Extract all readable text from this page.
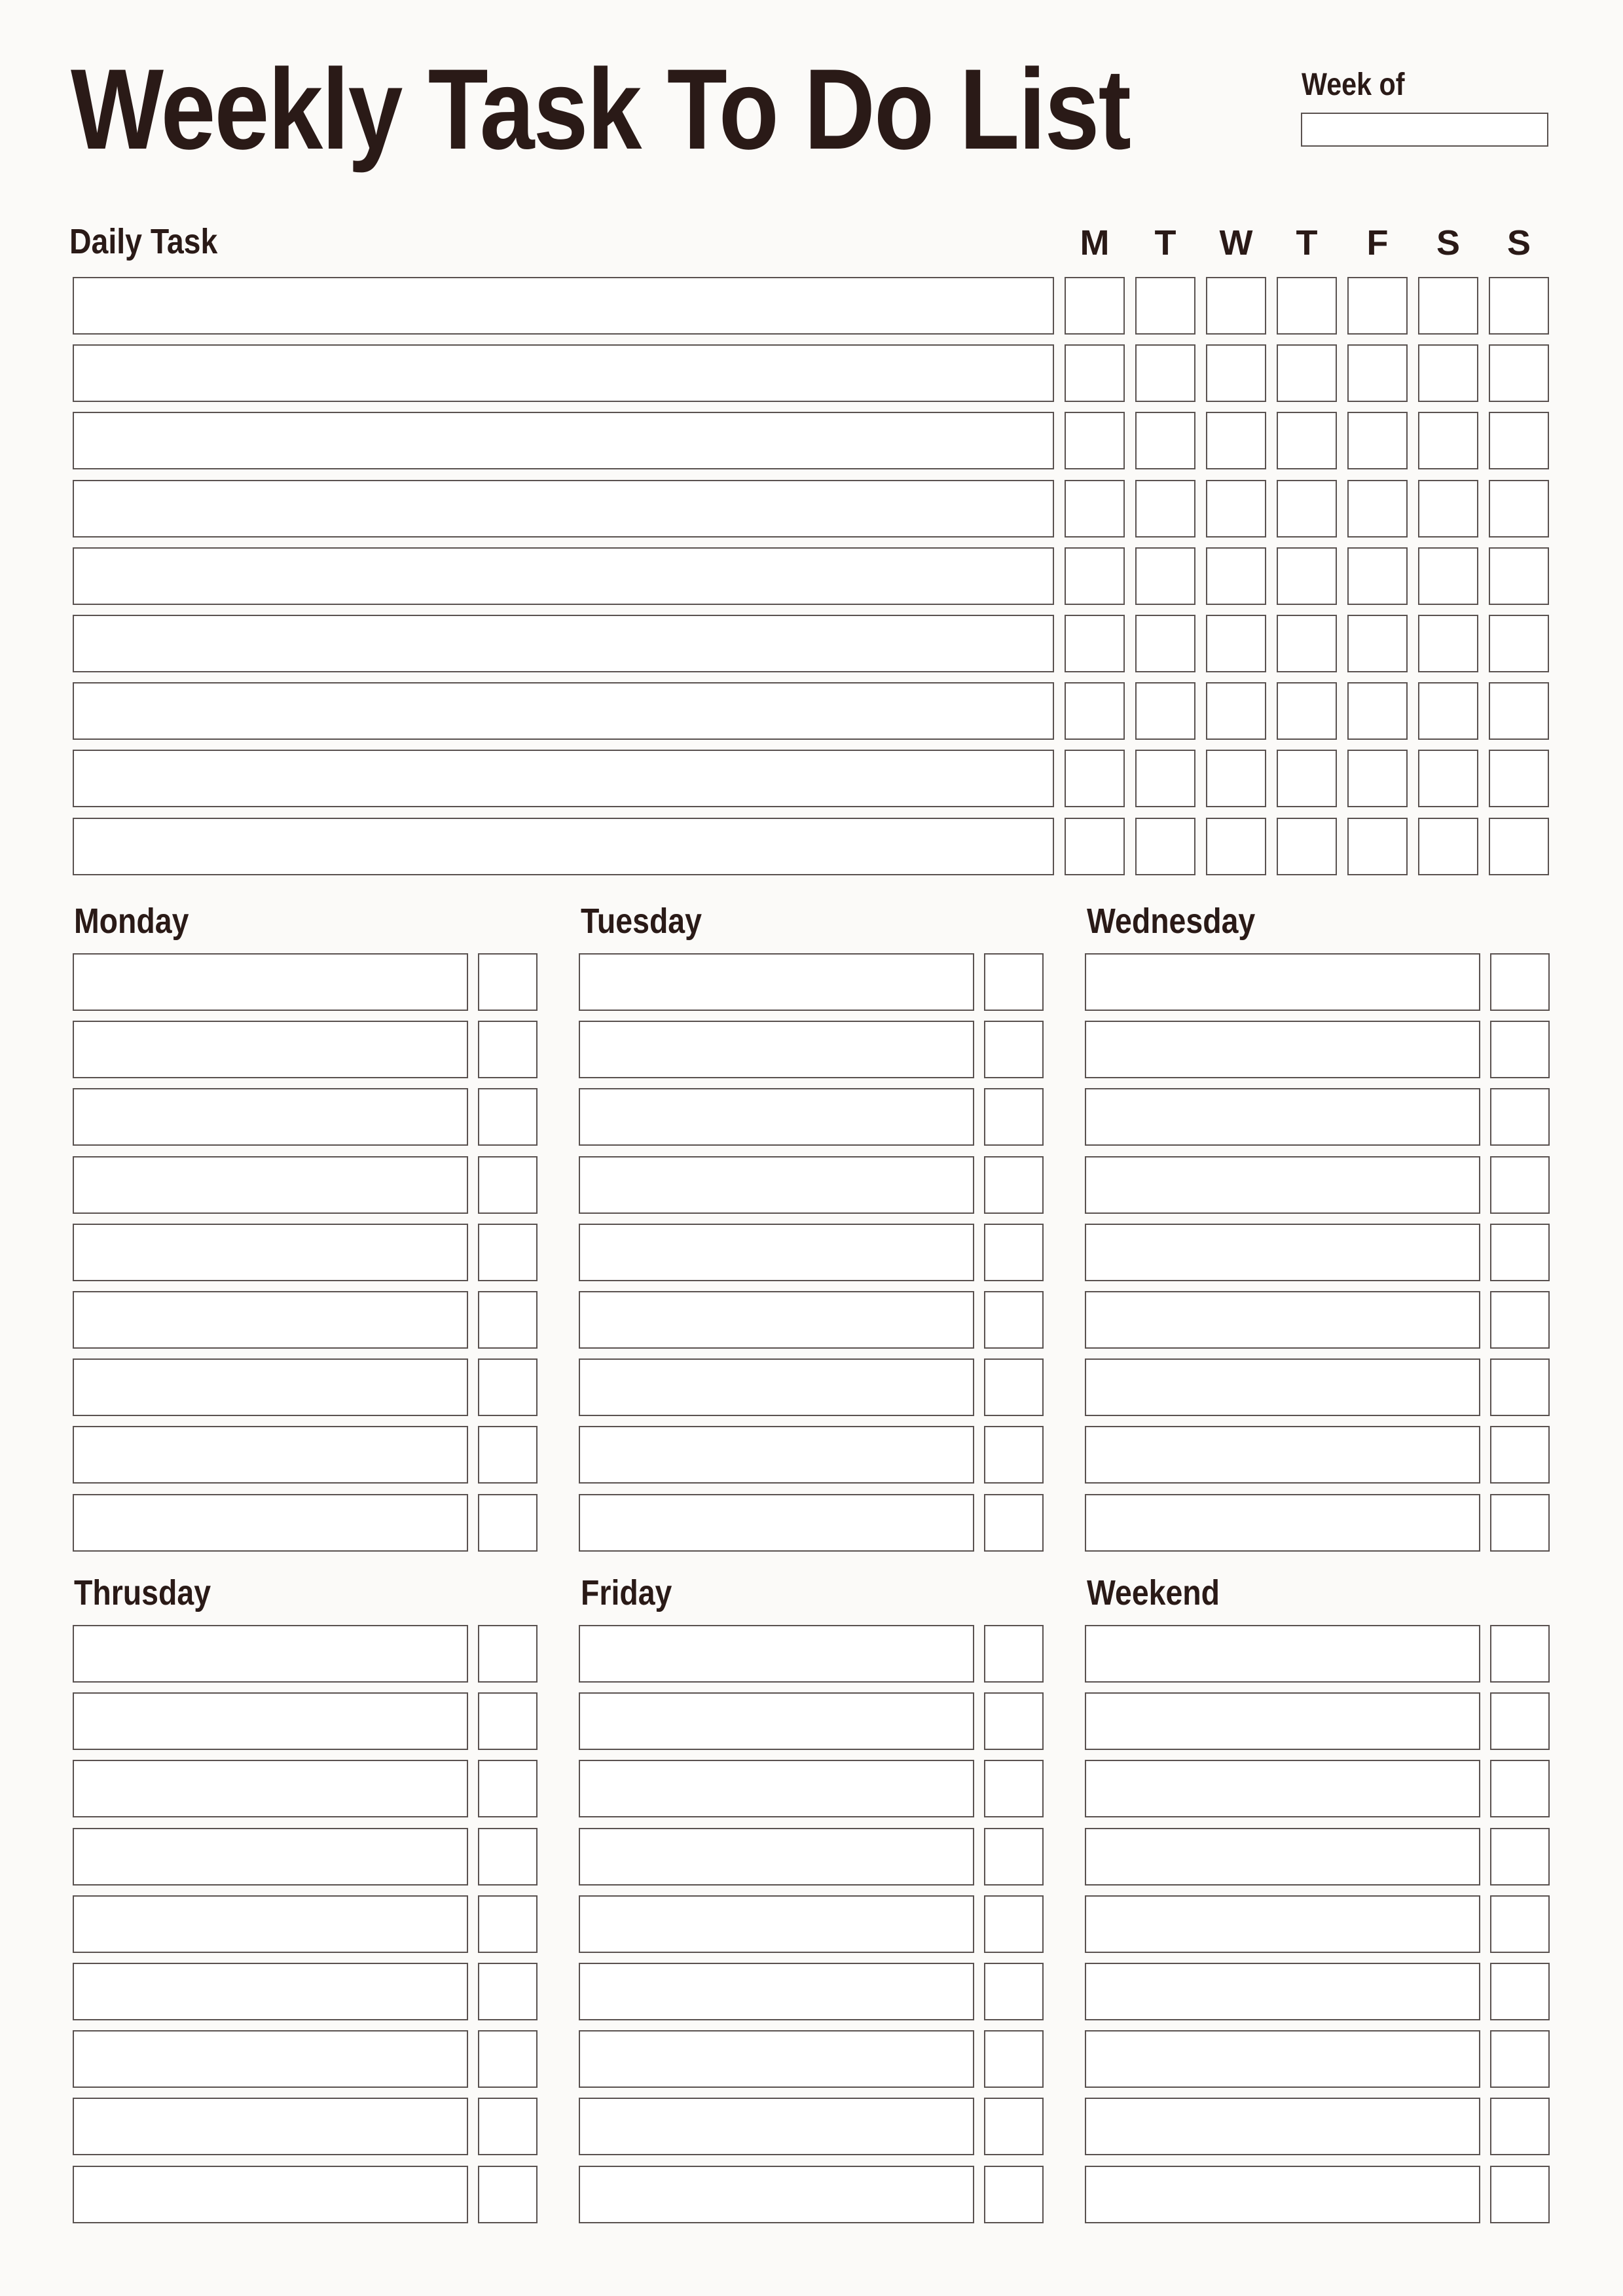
Weekly Task To Do List	Week of
Daily Task	M	T	W	T	F	S	S
Monday	Tuesday	Wednesday
Thrusday	Friday	Weekend
